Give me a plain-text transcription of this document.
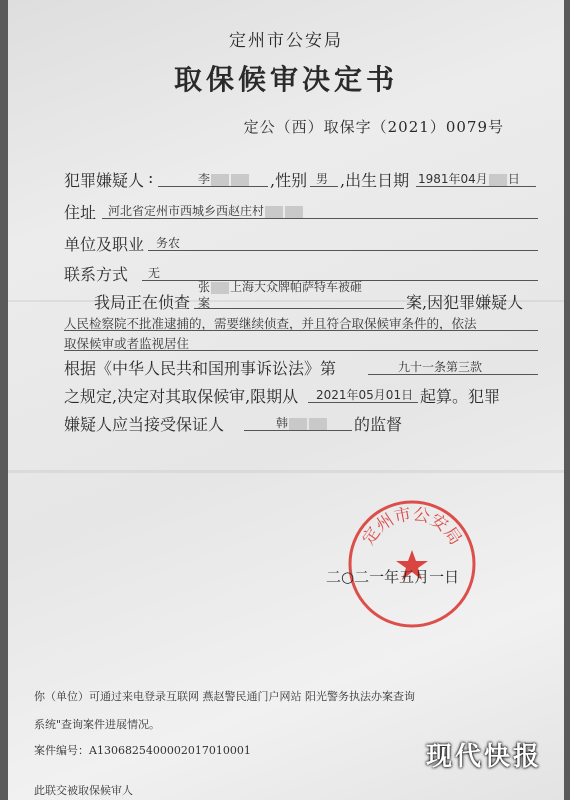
定州市公安局
取保候审决定书
定公（西）取保字（2021）0079号
犯罪嫌疑人 :	李	,性别 男 ,出生日期 1981年04月 日
住址 河北省定州市西城乡西赵庄村
单位及职业 务农
联系方式 无
我局正在侦查
张 上海大众牌帕萨特车被砸
案	案,因犯罪嫌疑人
人民检察院不批准逮捕的，需要继续侦查，并且符合取保候审条件的，依法
取保候审或者监视居住
根据《中华人民共和国刑事诉讼法》第	九十一条第三款
之规定,决定对其取保候审,限期从 2021年05月01日 起算。犯罪
嫌疑人应当接受保证人	韩	的监督
定州市公安局
二○二一年五月一日
你（单位）可通过来电登录互联网 燕赵警民通门户网站 阳光警务执法办案查询
系统"查询案件进展情况。
案件编号：A1306825400002017010001
此联交被取保候审人
现代快报
